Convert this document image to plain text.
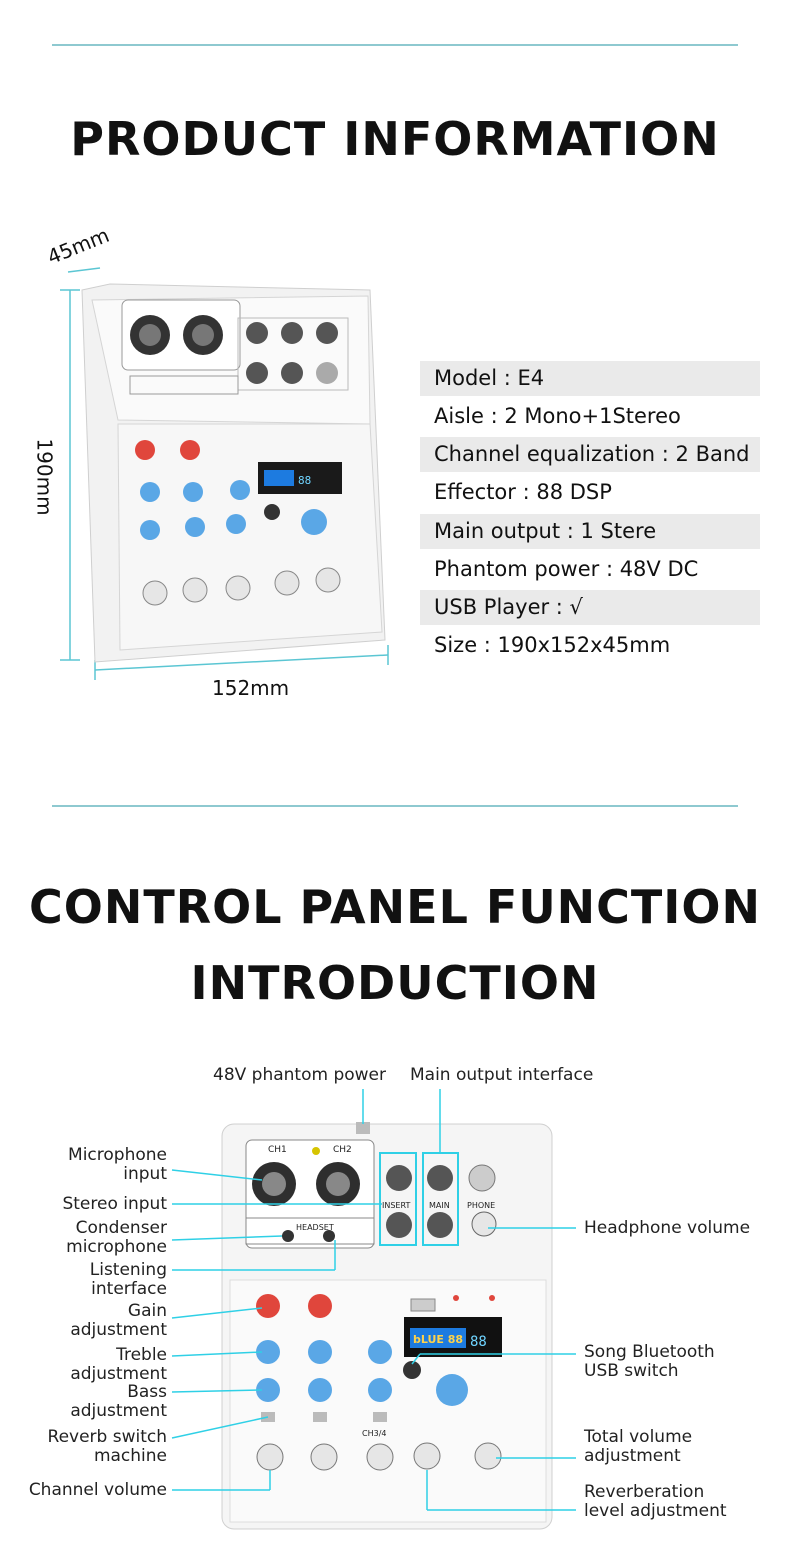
PRODUCT INFORMATION
88
45mm
190mm
152mm
Model : E4
Aisle : 2 Mono+1Stereo
Channel equalization : 2 Band
Effector : 88 DSP
Main output : 1 Stere
Phantom power : 48V DC
USB Player : √
Size : 190x152x45mm
CONTROL PANEL FUNCTION
INTRODUCTION
88
48V phantom power Main output interface
Microphone input
Stereo input
Condenser microphone
Listening interface
Gain adjustment
Treble adjustment
Bass adjustment
Reverb switch machine
Channel volume
Headphone volume
Song Bluetooth USB switch
Total volume adjustment
Reverberation level adjustment
CH1	CH2
INSERT MAIN PHONE
HEADSET
bLUE 88
CH3/4
